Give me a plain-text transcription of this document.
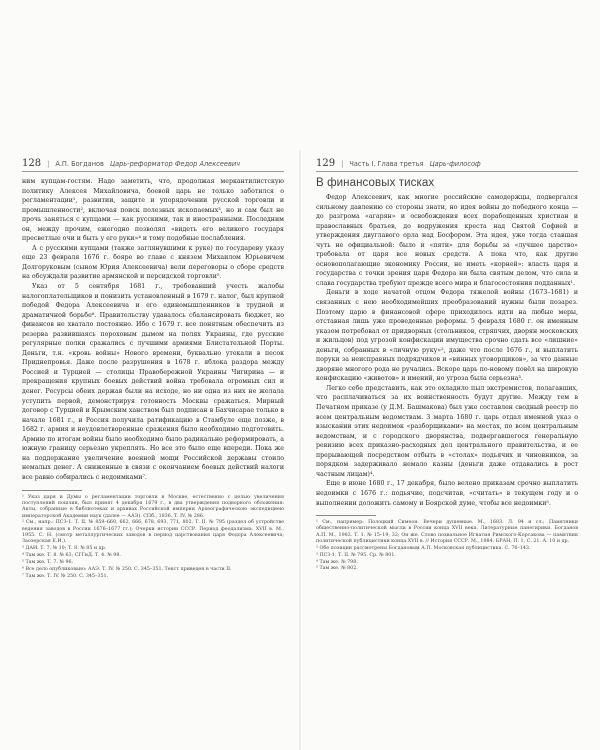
128 | А.П. Богданов Царь-реформатор Федор Алексеевич

ним купцам-гостям. Надо заметить, что, продолжая меркантилистскую политику Алексея Михайловича, боевой царь не только заботился о регламентации¹, развитии, защите и упорядочении русской торговли и промышленности², включая поиск полезных ископаемых³, но и сам был не прочь заняться с купцами — как русскими, так и иностранными. Последним он, между прочим, ежегодно позволял «видеть его великого государя пресветлые очи и быть у его руки»⁴ и тому подобные послабления.

А с русскими купцами (также заглянувшими к руке) по государеву указу еще 23 февраля 1676 г. бояре во главе с князем Михаилом Юрьевичем Долгоруковым (сыном Юрия Алексеевича) вели переговоры о сборе средств на обсуждали развитие армянской и персидской торговли⁵.

Указ от 5 сентября 1681 г., требовавший учесть жалобы налогоплательщиков и понизить установленный в 1679 г. налог, был крупной победой Федора Алексеевича и его единомышленников в трудной и драматичной борьбе⁶. Правительству удавалось сбалансировать бюджет, но финансов не хватало постоянно. Ибо с 1679 г. все понятным обеспечить из резерва развившаясь пороховым дымом на полях Украины, где русские регулярные полки сражались с лучшими армиями Блистательной Порты. Деньги, т.н. «кровь войны» Нового времени, буквально утекали в песок Приднепровья. Даже после разрушения в 1678 г. яблока раздора между Россией и Турцией — столицы Правобережной Украины Чигирина — и прекращения крупных боевых действий война требовала огромных сил и денег. Ресурсы обеих держав были на исходе, но ни одна из них не желала уступить первой, демонстрируя готовность Москвы сражаться. Мирный договор с Турцией и Крымским ханством был подписан в Бахчисарае только в начале 1681 г., и Россия получила ратификацию в Стамбуле еще позже, в 1682 г. армия и неудовлетворенные сражения было необходимо подготовить. Армию по итогам войны было необходимо было радикально реформировать, а южную границу серьезно укреплять. Но все это было еще впереди. Пока же на поддержание увеличение военной мощи Российской державы стоило немалых денег. А сниженные в связи с окончанием боевых действий налоги все равно собирались с недоимками⁷.

¹ Указ царя и Думы о регламентации торговли в Москве, естественно с целью увеличения поступлений пошлин, был принят 4 декабря 1679 г., в два утверждения подворного обложения: Акты, собранные в библиотеках и архивах Российской империи Археографическою экспедициею императорской Академии наук (далее — ААЭ). СПб., 1836. Т. IV. № 286.

² См., напр.: ПСЗ-1. Т. II. № 859–660, 662, 666, 678, 693, 771, 802. Т. II. № 795 (раздел об устройстве ведения заводов в России 1676–1677 гг.); Очерки истории СССР. Период феодализма. XVII в. М., 1955. С. Н. (смотр металлургических заводов в период царствования царя Федора Алексеевича; Заозерская Е.И.).

³ ДАИ. Т. 7. № 10; Т. 8. № 85 и др.

⁴ Там же. Т. 8. № 63; СГГиД. Т. 4. № 98.

⁵ Там же. Т. 7. № 96.

⁶ Все дело опубликовано: ААЭ. Т. IV. № 250. С. 345–351. Текст приведен в части II.

⁷ Там же. Т. IV. № 250. С. 345–351.

129 | Часть I. Глава третья Царь-философ
В финансовых тисках

Федор Алексеевич, как многие российские самодержцы, подвергался сильному давлению со стороны знати, но идея войны до победного конца — до разгрома «агарян» и освобождения всех порабощенных христиан и православных братьев, до водружения креста над Святой Софией и утверждения двуглавого орла над Босфором. Эта идея, уже тогда ставшая чуть не официальной: было и «пяти» для борьбы за «лучшее царство» требовала от царя все новых средств. А пока что, как другие основополагающие экономику России, не иметь «корней»: власть царя и государства с точки зрения царя Федора ни была святым делом, что сила и слава государства требуют прежде всего мира и благосостояния подданных¹.

Деньги в ходе начатой отцом Федора тяжелой войны (1673–1681) и связанных с нею необходимейших преобразований нужны были позарез. Поэтому царю в финансовой сфере приходилось идти на любые меры, отставная лишь уже проведенные реформы. 5 февраля 1680 г. он именным указом потребовал от придворных (стольников, стряпчих, дворян московских и жильцов) под угрозой конфискации имущества срочно сдать все «лишние» деньги, собранных в «личную руку»², даже что после 1676 г., и выплатить поруки за неисправных подрядчиков и «винных уговорщиков», за что данные дворяне многого рода не ручались. Вскоре царь по-новому повёл на широкую конфискацию «животов» и имений, но угроза была серьезна³.

Легко себе представить, как это охладило пыл экстремистов, полагавших, что расплачиваться за их воинственность будут другие. Между тем в Печатном приказе (у Д.М. Башмакова) был уже составлен сводный реестр по всем центральным ведомствам. 3 марта 1680 г. царь отдал именной указ о взыскании этих недоимок «разборщиками» на местах, по всем центральным ведомствам, и с городского дворянства, подвергавшегося генеральную ревизию всех приказно-расходных дел центрального правительства, и ее прерывающей посредством отбыть в «столах» подьячих и чиновников, за порядком задерживало немало казны (деньги даже отдавались в рост частным лицам)⁴.

Еще в июне 1680 г., 17 декабря, было велено приказам срочно выплатить недоимки с 1676 г.: подьячие, подсчитав, «считать» в текущем году и о выполнении доложить самому и Боярской думе, чтобы все недоимки⁵.

¹ См., например: Полоцкий Симеон. Вечери душевные. М., 1683. Л. 94 и сл.; Памятники общественно-политической мысли в России конца XVII века. Литературные панегирики. Богданов А.П. М., 1983. Т. 1. № 15–19, 32; Он же. Слово похвальное Игнатия Римского-Корсакова — памятник политической публицистики конца XVII в. // История СССР. М., 1984. БРАН, П. 1, С. 21. А. 10 и др.

² Обе позиции рассмотрены Богдановым А.П. Московская публицистика. С. 76–143.

³ ПСЗ-1. Т. II. № 795. Ср. № 801.

⁴ Там же. № 798.

⁵ Там же. № 802.
